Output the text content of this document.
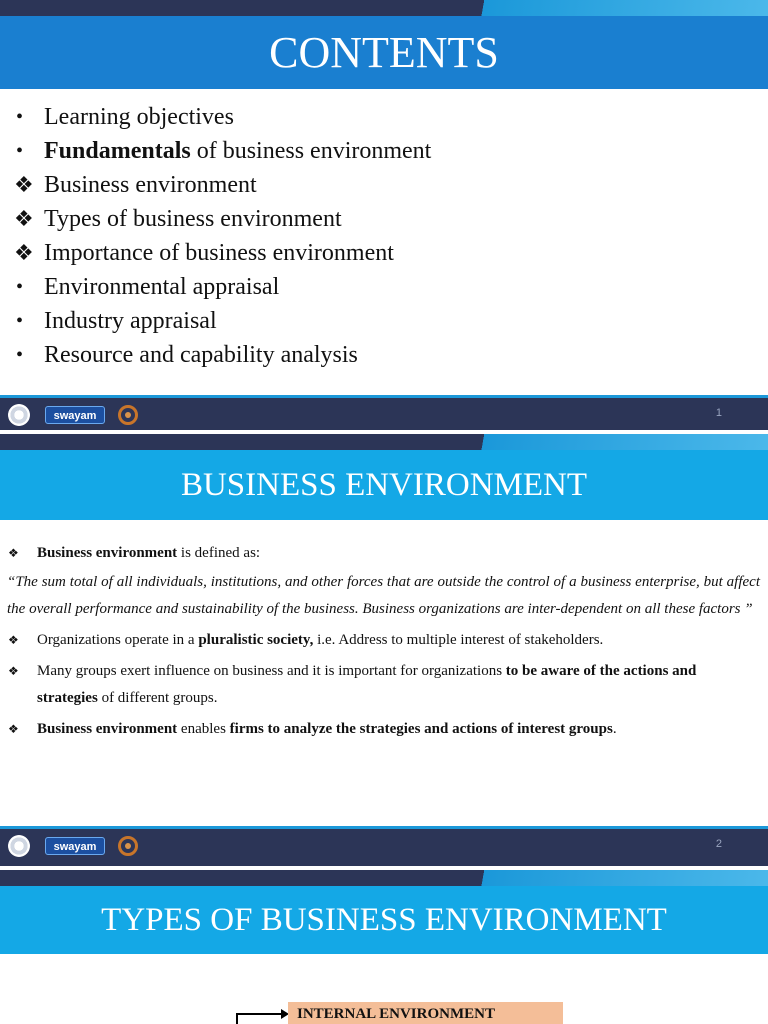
CONTENTS
• Learning objectives
• Fundamentals of business environment
❖ Business environment
❖ Types of business environment
❖ Importance of business environment
• Environmental appraisal
• Industry appraisal
• Resource and capability analysis
swayam	1
BUSINESS ENVIRONMENT
swayam	2
❖ Business environment is defined as:
“The sum total of all individuals, institutions, and other forces that are outside the control of a business enterprise, but affect the overall performance and sustainability of the business. Business organizations are inter-dependent on all these factors ”
❖ Organizations operate in a pluralistic society, i.e. Address to multiple interest of stakeholders.
❖ Many groups exert influence on business and it is important for organizations to be aware of the actions and strategies of different groups.
❖ Business environment enables firms to analyze the strategies and actions of interest groups.
TYPES OF BUSINESS ENVIRONMENT
INTERNAL ENVIRONMENT
